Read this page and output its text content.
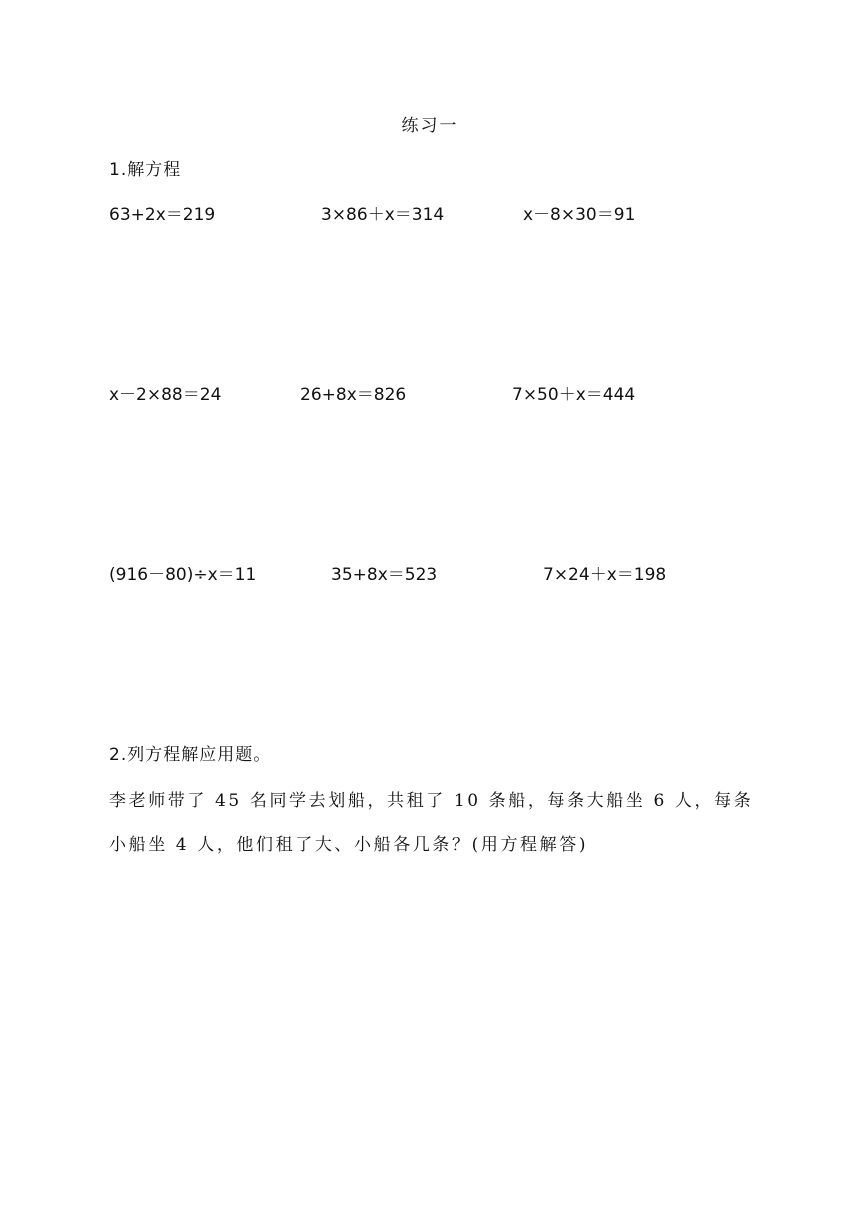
练习一
1.解方程
63+2x＝219	3×86＋x＝314	x－8×30＝91
x－2×88＝24	26+8x＝826	7×50＋x＝444
(916－80)÷x＝11	35+8x＝523	7×24＋x＝198
2.列方程解应用题。
李老师带了 45 名同学去划船，共租了 10 条船，每条大船坐 6 人，每条
小船坐 4 人，他们租了大、小船各几条？(用方程解答)
